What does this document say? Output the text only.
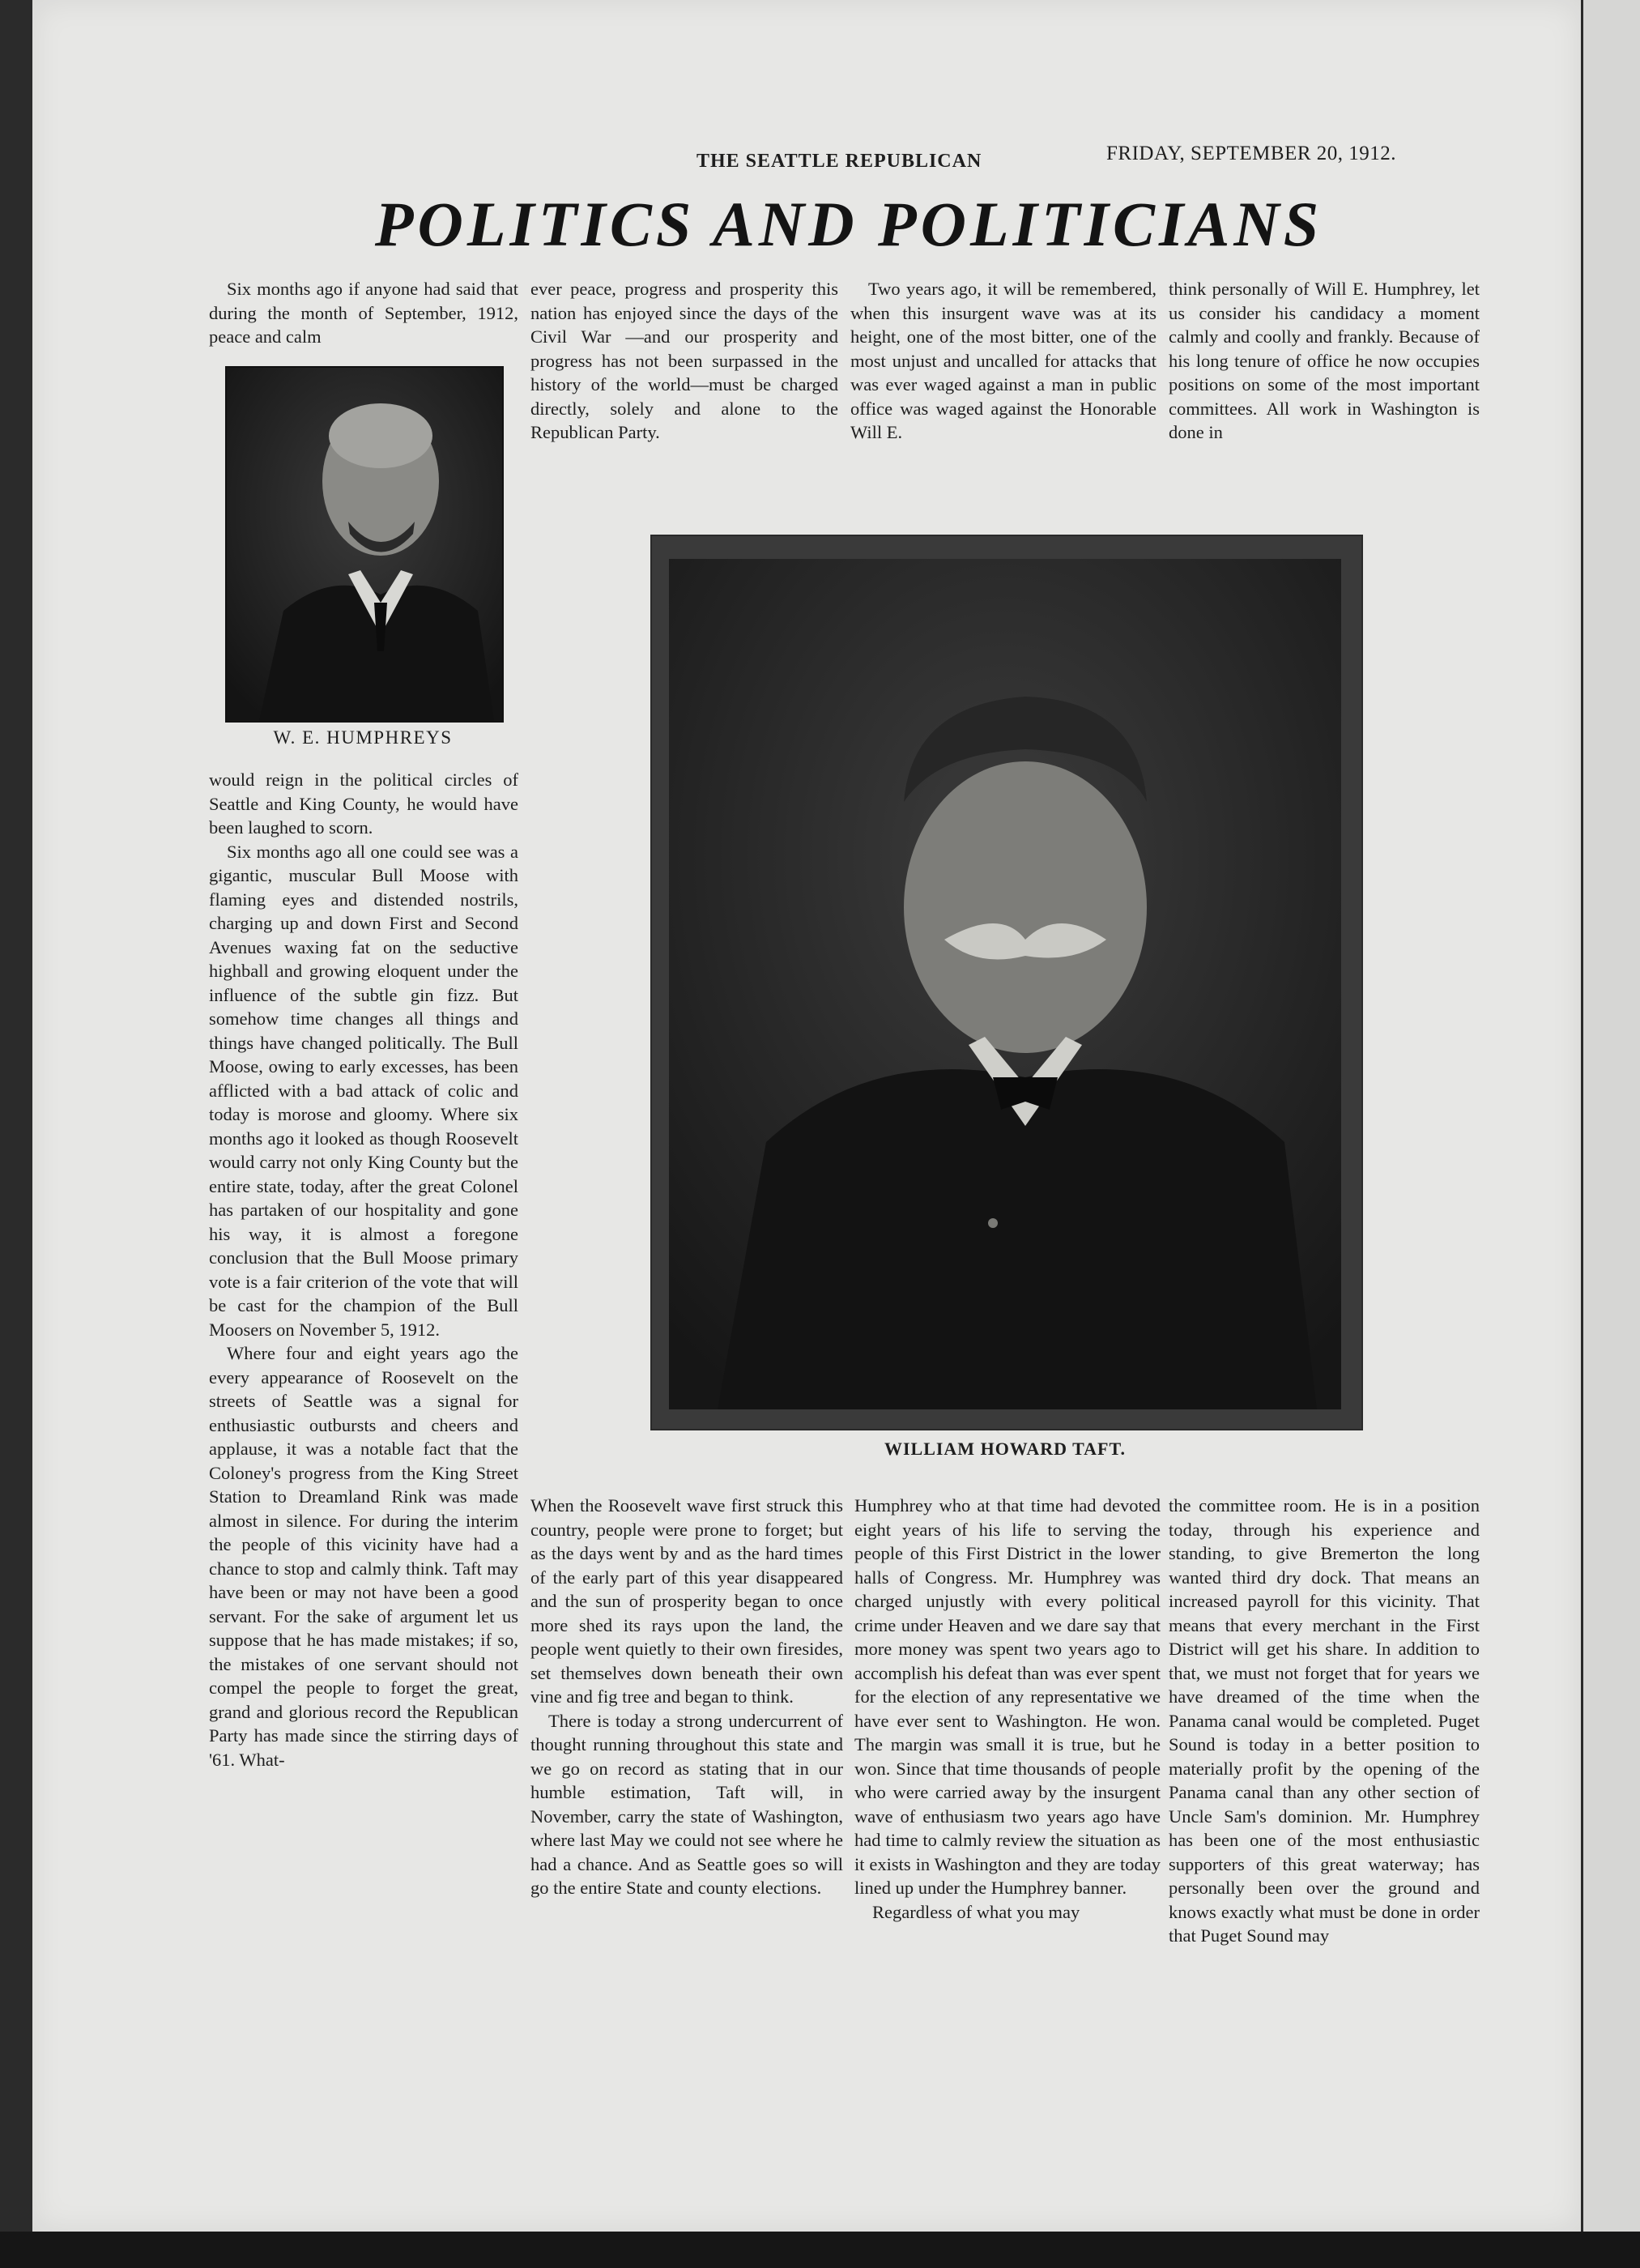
THE SEATTLE REPUBLICAN	FRIDAY, SEPTEMBER 20, 1912.
POLITICS AND POLITICIANS

Six months ago if anyone had said that during the month of September, 1912, peace and calm

W. E. HUMPHREYS

would reign in the political circles of Seattle and King County, he would have been laughed to scorn.

Six months ago all one could see was a gigantic, muscular Bull Moose with flaming eyes and distended nostrils, charging up and down First and Second Avenues waxing fat on the seductive highball and growing eloquent under the influence of the subtle gin fizz. But somehow time changes all things and things have changed politically. The Bull Moose, owing to early excesses, has been afflicted with a bad attack of colic and today is morose and gloomy. Where six months ago it looked as though Roosevelt would carry not only King County but the entire state, today, after the great Colonel has partaken of our hospitality and gone his way, it is almost a foregone conclusion that the Bull Moose primary vote is a fair criterion of the vote that will be cast for the champion of the Bull Moosers on November 5, 1912.

Where four and eight years ago the every appearance of Roosevelt on the streets of Seattle was a signal for enthusiastic outbursts and cheers and applause, it was a notable fact that the Coloney's progress from the King Street Station to Dreamland Rink was made almost in silence. For during the interim the people of this vicinity have had a chance to stop and calmly think. Taft may have been or may not have been a good servant. For the sake of argument let us suppose that he has made mistakes; if so, the mistakes of one servant should not compel the people to forget the great, grand and glorious record the Republican Party has made since the stirring days of '61. What-

ever peace, progress and prosperity this nation has enjoyed since the days of the Civil War —and our prosperity and progress has not been surpassed in the history of the world—must be charged directly, solely and alone to the Republican Party.

Two years ago, it will be remembered, when this insurgent wave was at its height, one of the most bitter, one of the most unjust and uncalled for attacks that was ever waged against a man in public office was waged against the Honorable Will E.

think personally of Will E. Humphrey, let us consider his candidacy a moment calmly and coolly and frankly. Because of his long tenure of office he now occupies positions on some of the most important committees. All work in Washington is done in

WILLIAM HOWARD TAFT.

When the Roosevelt wave first struck this country, people were prone to forget; but as the days went by and as the hard times of the early part of this year disappeared and the sun of prosperity began to once more shed its rays upon the land, the people went quietly to their own firesides, set themselves down beneath their own vine and fig tree and began to think.

There is today a strong undercurrent of thought running throughout this state and we go on record as stating that in our humble estimation, Taft will, in November, carry the state of Washington, where last May we could not see where he had a chance. And as Seattle goes so will go the entire State and county elections.

Humphrey who at that time had devoted eight years of his life to serving the people of this First District in the lower halls of Congress. Mr. Humphrey was charged unjustly with every political crime under Heaven and we dare say that more money was spent two years ago to accomplish his defeat than was ever spent for the election of any representative we have ever sent to Washington. He won. The margin was small it is true, but he won. Since that time thousands of people who were carried away by the insurgent wave of enthusiasm two years ago have had time to calmly review the situation as it exists in Washington and they are today lined up under the Humphrey banner.

Regardless of what you may

the committee room. He is in a position today, through his experience and standing, to give Bremerton the long wanted third dry dock. That means an increased payroll for this vicinity. That means that every merchant in the First District will get his share. In addition to that, we must not forget that for years we have dreamed of the time when the Panama canal would be completed. Puget Sound is today in a better position to materially profit by the opening of the Panama canal than any other section of Uncle Sam's dominion. Mr. Humphrey has been one of the most enthusiastic supporters of this great waterway; has personally been over the ground and knows exactly what must be done in order that Puget Sound may
